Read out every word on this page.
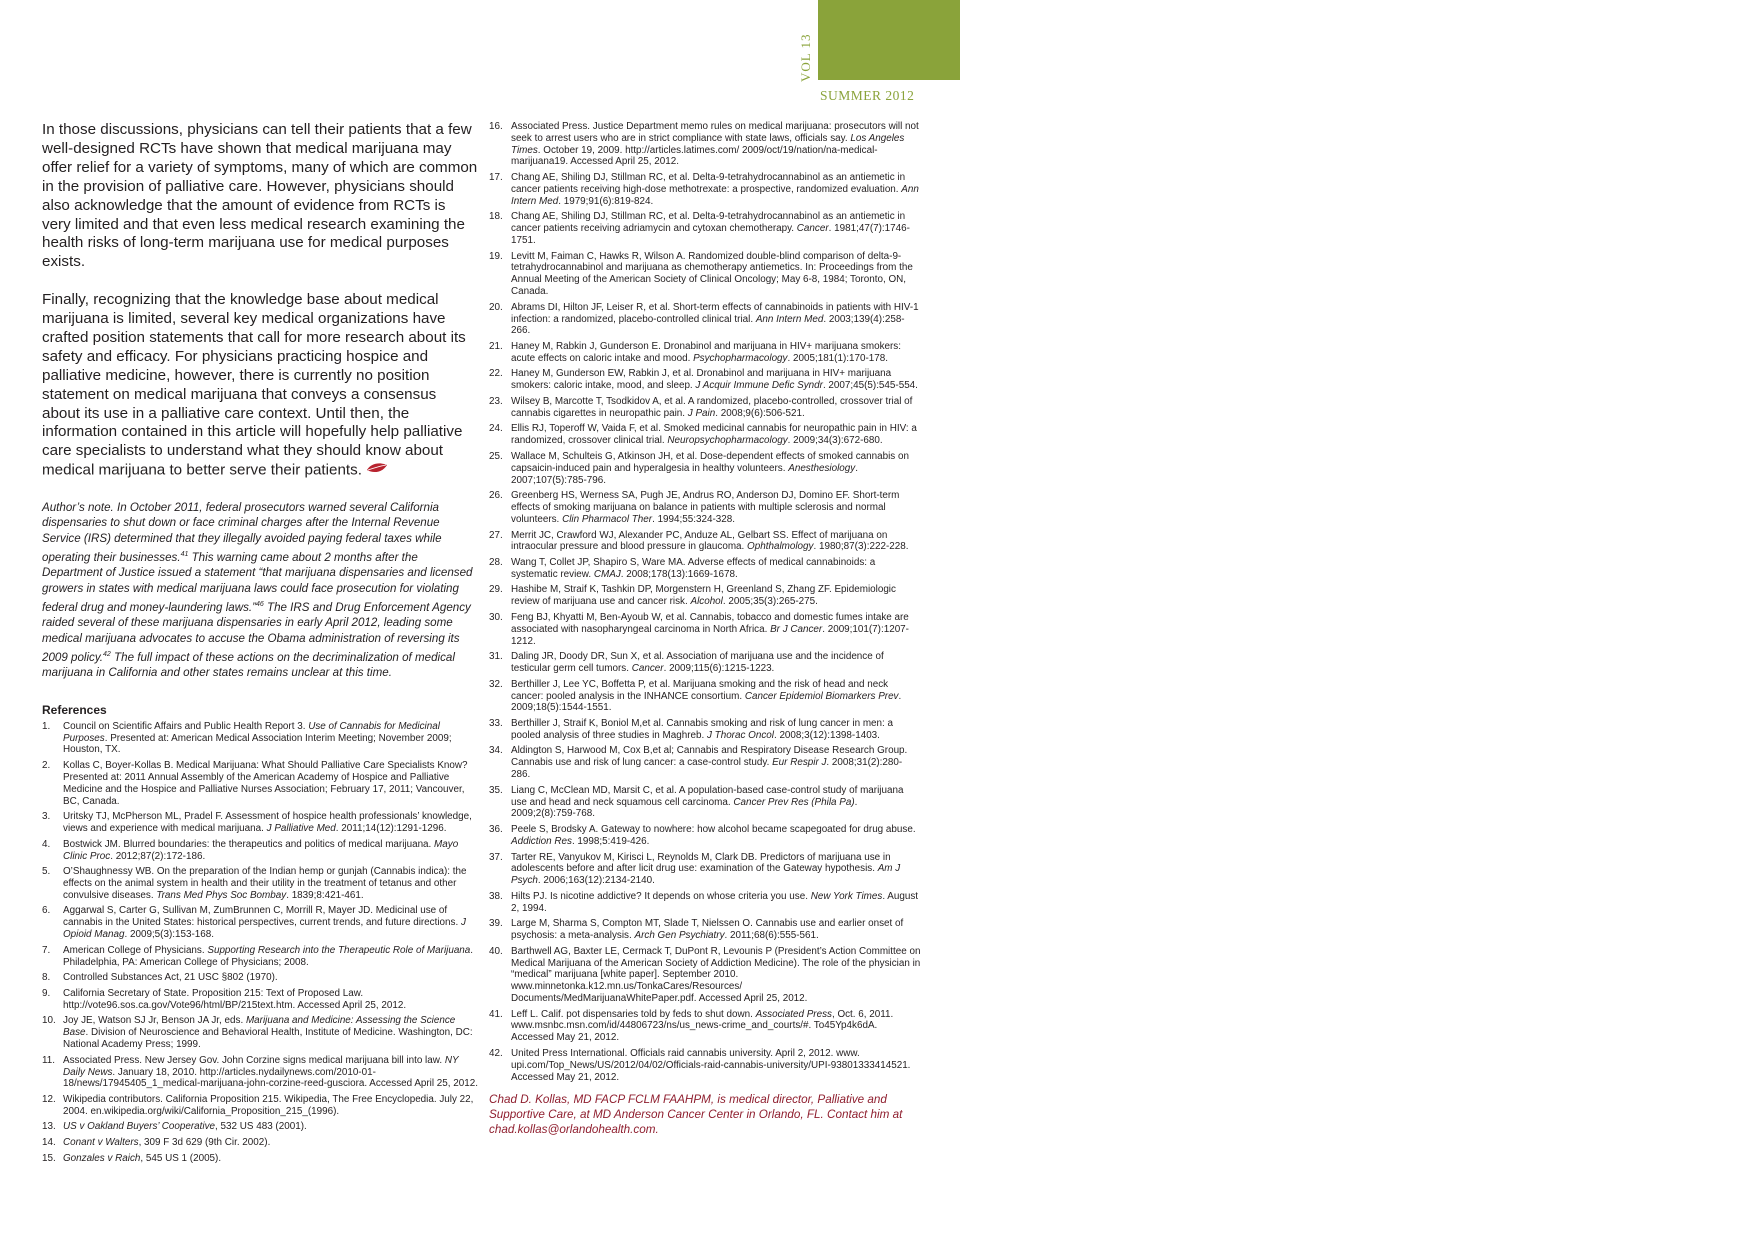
15
VOL 13
SUMMER 2012

In those discussions, physicians can tell their patients that a few well-designed RCTs have shown that medical marijuana may offer relief for a variety of symptoms, many of which are common in the provision of palliative care. However, physicians should also acknowledge that the amount of evidence from RCTs is very limited and that even less medical research examining the health risks of long-term marijuana use for medical purposes exists.

Finally, recognizing that the knowledge base about medical marijuana is limited, several key medical organizations have crafted position statements that call for more research about its safety and efficacy. For physicians practicing hospice and palliative medicine, however, there is currently no position statement on medical marijuana that conveys a consensus about its use in a palliative care context. Until then, the information contained in this article will hopefully help palliative care specialists to understand what they should know about medical marijuana to better serve their patients.

Author’s note. In October 2011, federal prosecutors warned several California dispensaries to shut down or face criminal charges after the Internal Revenue Service (IRS) determined that they illegally avoided paying federal taxes while operating their businesses.$^{41}$ This warning came about 2 months after the Department of Justice issued a statement “that marijuana dispensaries and licensed growers in states with medical marijuana laws could face prosecution for violating federal drug and money-laundering laws.”$^{46}$ The IRS and Drug Enforcement Agency raided several of these marijuana dispensaries in early April 2012, leading some medical marijuana advocates to accuse the Obama administration of reversing its 2009 policy.$^{42}$ The full impact of these actions on the decriminalization of medical marijuana in California and other states remains unclear at this time.

References
1.	Council on Scientific Affairs and Public Health Report 3. Use of Cannabis for Medicinal Purposes. Presented at: American Medical Association Interim Meeting; November 2009; Houston, TX.
2.	Kollas C, Boyer-Kollas B. Medical Marijuana: What Should Palliative Care Specialists Know? Presented at: 2011 Annual Assembly of the American Academy of Hospice and Palliative Medicine and the Hospice and Palliative Nurses Association; February 17, 2011; Vancouver, BC, Canada.
3.	Uritsky TJ, McPherson ML, Pradel F. Assessment of hospice health professionals’ knowledge, views and experience with medical marijuana. J Palliative Med. 2011;14(12):1291-1296.
4.	Bostwick JM. Blurred boundaries: the therapeutics and politics of medical marijuana. Mayo Clinic Proc. 2012;87(2):172-186.
5.	O’Shaughnessy WB. On the preparation of the Indian hemp or gunjah (Cannabis indica): the effects on the animal system in health and their utility in the treatment of tetanus and other convulsive diseases. Trans Med Phys Soc Bombay. 1839;8:421-461.
6.	Aggarwal S, Carter G, Sullivan M, ZumBrunnen C, Morrill R, Mayer JD. Medicinal use of cannabis in the United States: historical perspectives, current trends, and future directions. J Opioid Manag. 2009;5(3):153-168.
7.	American College of Physicians. Supporting Research into the Therapeutic Role of Marijuana. Philadelphia, PA: American College of Physicians; 2008.
8.	Controlled Substances Act, 21 USC §802 (1970).
9.	California Secretary of State. Proposition 215: Text of Proposed Law. http://vote96.sos.ca.gov/Vote96/html/BP/215text.htm. Accessed April 25, 2012.
10. Joy JE, Watson SJ Jr, Benson JA Jr, eds. Marijuana and Medicine: Assessing the Science Base. Division of Neuroscience and Behavioral Health, Institute of Medicine. Washington, DC: National Academy Press; 1999.
11. Associated Press. New Jersey Gov. John Corzine signs medical marijuana bill into law. NY Daily News. January 18, 2010. http://articles.nydailynews.com/2010-01-18/news/17945405_1_medical-marijuana-john-corzine-reed-gusciora. Accessed April 25, 2012.
12. Wikipedia contributors. California Proposition 215. Wikipedia, The Free Encyclopedia. July 22, 2004. en.wikipedia.org/wiki/California_Proposition_215_(1996).
13. US v Oakland Buyers’ Cooperative, 532 US 483 (2001).
14. Conant v Walters, 309 F 3d 629 (9th Cir. 2002).
15. Gonzales v Raich, 545 US 1 (2005).
16. Associated Press. Justice Department memo rules on medical marijuana: prosecutors will not seek to arrest users who are in strict compliance with state laws, officials say. Los Angeles Times. October 19, 2009. http://articles.latimes.com/ 2009/oct/19/nation/na-medical-marijuana19. Accessed April 25, 2012.
17. Chang AE, Shiling DJ, Stillman RC, et al. Delta-9-tetrahydrocannabinol as an antiemetic in cancer patients receiving high-dose methotrexate: a prospective, randomized evaluation. Ann Intern Med. 1979;91(6):819-824.
18. Chang AE, Shiling DJ, Stillman RC, et al. Delta-9-tetrahydrocannabinol as an antiemetic in cancer patients receiving adriamycin and cytoxan chemotherapy. Cancer. 1981;47(7):1746-1751.
19. Levitt M, Faiman C, Hawks R, Wilson A. Randomized double-blind comparison of delta-9-tetrahydrocannabinol and marijuana as chemotherapy antiemetics. In: Proceedings from the Annual Meeting of the American Society of Clinical Oncology; May 6-8, 1984; Toronto, ON, Canada.
20. Abrams DI, Hilton JF, Leiser R, et al. Short-term effects of cannabinoids in patients with HIV-1 infection: a randomized, placebo-controlled clinical trial. Ann Intern Med. 2003;139(4):258-266.
21. Haney M, Rabkin J, Gunderson E. Dronabinol and marijuana in HIV+ marijuana smokers: acute effects on caloric intake and mood. Psychopharmacology. 2005;181(1):170-178.
22. Haney M, Gunderson EW, Rabkin J, et al. Dronabinol and marijuana in HIV+ marijuana smokers: caloric intake, mood, and sleep. J Acquir Immune Defic Syndr. 2007;45(5):545-554.
23. Wilsey B, Marcotte T, Tsodkidov A, et al. A randomized, placebo-controlled, crossover trial of cannabis cigarettes in neuropathic pain. J Pain. 2008;9(6):506-521.
24. Ellis RJ, Toperoff W, Vaida F, et al. Smoked medicinal cannabis for neuropathic pain in HIV: a randomized, crossover clinical trial. Neuropsychopharmacology. 2009;34(3):672-680.
25. Wallace M, Schulteis G, Atkinson JH, et al. Dose-dependent effects of smoked cannabis on capsaicin-induced pain and hyperalgesia in healthy volunteers. Anesthesiology. 2007;107(5):785-796.
26. Greenberg HS, Werness SA, Pugh JE, Andrus RO, Anderson DJ, Domino EF. Short-term effects of smoking marijuana on balance in patients with multiple sclerosis and normal volunteers. Clin Pharmacol Ther. 1994;55:324-328.
27. Merrit JC, Crawford WJ, Alexander PC, Anduze AL, Gelbart SS. Effect of marijuana on intraocular pressure and blood pressure in glaucoma. Ophthalmology. 1980;87(3):222-228.
28. Wang T, Collet JP, Shapiro S, Ware MA. Adverse effects of medical cannabinoids: a systematic review. CMAJ. 2008;178(13):1669-1678.
29. Hashibe M, Straif K, Tashkin DP, Morgenstern H, Greenland S, Zhang ZF. Epidemiologic review of marijuana use and cancer risk. Alcohol. 2005;35(3):265-275.
30. Feng BJ, Khyatti M, Ben-Ayoub W, et al. Cannabis, tobacco and domestic fumes intake are associated with nasopharyngeal carcinoma in North Africa. Br J Cancer. 2009;101(7):1207-1212.
31. Daling JR, Doody DR, Sun X, et al. Association of marijuana use and the incidence of testicular germ cell tumors. Cancer. 2009;115(6):1215-1223.
32. Berthiller J, Lee YC, Boffetta P, et al. Marijuana smoking and the risk of head and neck cancer: pooled analysis in the INHANCE consortium. Cancer Epidemiol Biomarkers Prev. 2009;18(5):1544-1551.
33. Berthiller J, Straif K, Boniol M,et al. Cannabis smoking and risk of lung cancer in men: a pooled analysis of three studies in Maghreb. J Thorac Oncol. 2008;3(12):1398-1403.
34. Aldington S, Harwood M, Cox B,et al; Cannabis and Respiratory Disease Research Group. Cannabis use and risk of lung cancer: a case-control study. Eur Respir J. 2008;31(2):280-286.
35. Liang C, McClean MD, Marsit C, et al. A population-based case-control study of marijuana use and head and neck squamous cell carcinoma. Cancer Prev Res (Phila Pa). 2009;2(8):759-768.
36. Peele S, Brodsky A. Gateway to nowhere: how alcohol became scapegoated for drug abuse. Addiction Res. 1998;5:419-426.
37. Tarter RE, Vanyukov M, Kirisci L, Reynolds M, Clark DB. Predictors of marijuana use in adolescents before and after licit drug use: examination of the Gateway hypothesis. Am J Psych. 2006;163(12):2134-2140.
38. Hilts PJ. Is nicotine addictive? It depends on whose criteria you use. New York Times. August 2, 1994.
39. Large M, Sharma S, Compton MT, Slade T, Nielssen O. Cannabis use and earlier onset of psychosis: a meta-analysis. Arch Gen Psychiatry. 2011;68(6):555-561.
40. Barthwell AG, Baxter LE, Cermack T, DuPont R, Levounis P (President’s Action Committee on Medical Marijuana of the American Society of Addiction Medicine). The role of the physician in “medical” marijuana [white paper]. September 2010. www.minnetonka.k12.mn.us/TonkaCares/Resources/ Documents/MedMarijuanaWhitePaper.pdf. Accessed April 25, 2012.
41. Leff L. Calif. pot dispensaries told by feds to shut down. Associated Press, Oct. 6, 2011. www.msnbc.msn.com/id/44806723/ns/us_news-crime_and_courts/#. To45Yp4k6dA. Accessed May 21, 2012.
42. United Press International. Officials raid cannabis university. April 2, 2012. www. upi.com/Top_News/US/2012/04/02/Officials-raid-cannabis-university/UPI-93801333414521. Accessed May 21, 2012.

Chad D. Kollas, MD FACP FCLM FAAHPM, is medical director, Palliative and Supportive Care, at MD Anderson Cancer Center in Orlando, FL. Contact him at chad.kollas@orlandohealth.com.
